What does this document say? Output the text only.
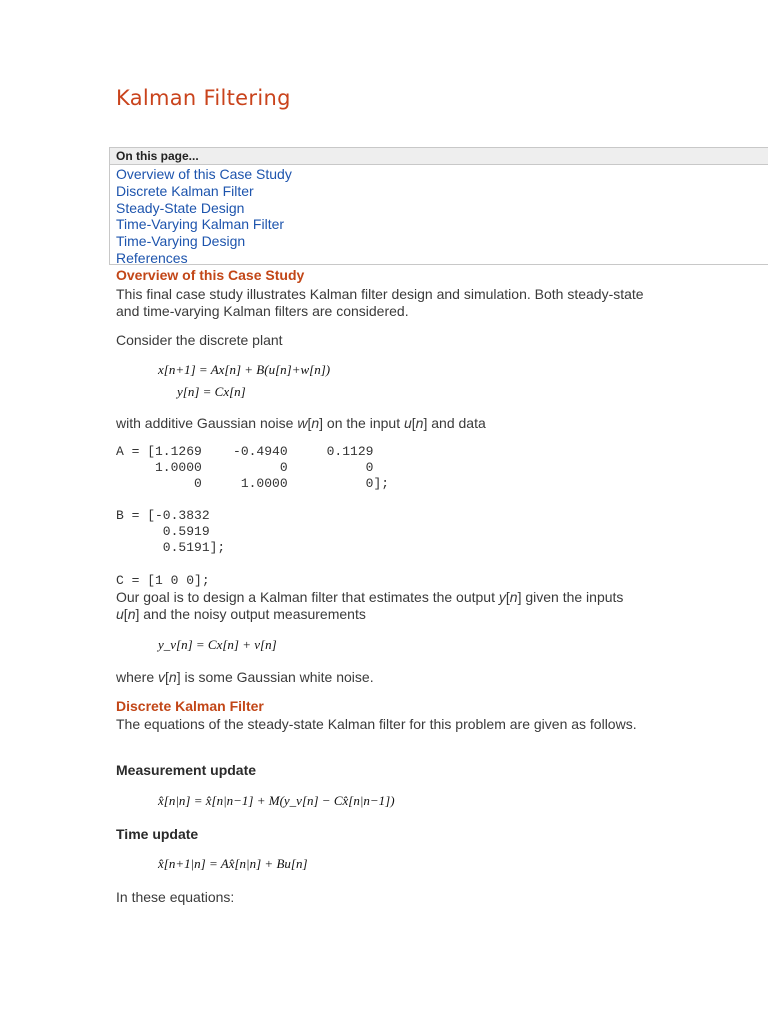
Kalman Filtering
On this page...
Overview of this Case Study
Discrete Kalman Filter
Steady-State Design
Time-Varying Kalman Filter
Time-Varying Design
References
Overview of this Case Study

This final case study illustrates Kalman filter design and simulation. Both steady-state and time-varying Kalman filters are considered.

Consider the discrete plant

x[n+1] = Ax[n] + B(u[n]+w[n])
y[n] = Cx[n]

with additive Gaussian noise w[n] on the input u[n] and data

A = [1.1269    -0.4940     0.1129
1.0000          0          0
0     1.0000          0];
B = [-0.3832
0.5919
0.5191];
C = [1 0 0];

Our goal is to design a Kalman filter that estimates the output y[n] given the inputs u[n] and the noisy output measurements

y_v[n] = Cx[n] + v[n]

where v[n] is some Gaussian white noise.

Discrete Kalman Filter

The equations of the steady-state Kalman filter for this problem are given as follows.

Measurement update
x̂[n|n] = x̂[n|n−1] + M(y_v[n] − Cx̂[n|n−1])
Time update
x̂[n+1|n] = Ax̂[n|n] + Bu[n]

In these equations:
